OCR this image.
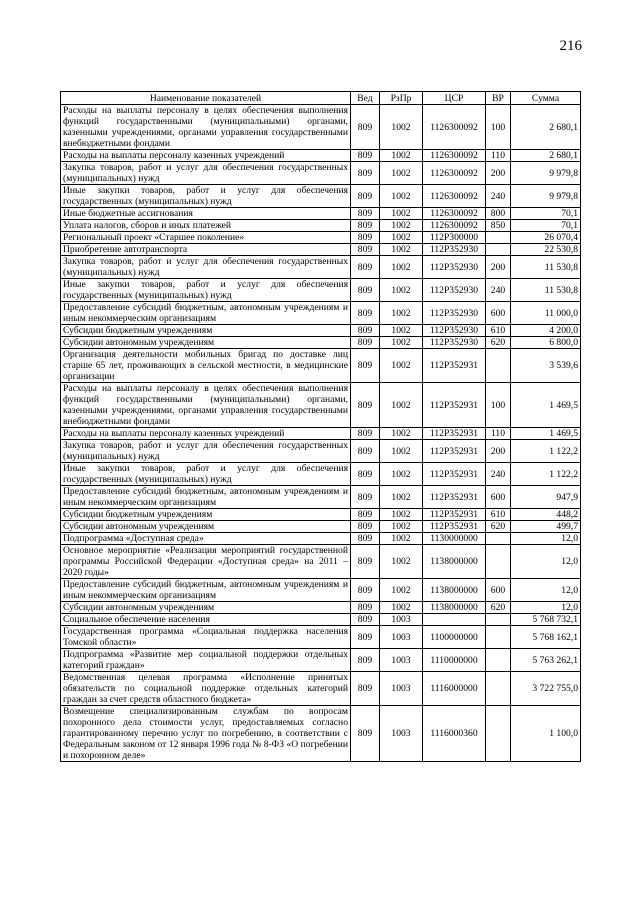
216
Наименование показателей	Вед	РзПр	ЦСР	ВР	Сумма
Расходы на выплаты персоналу в целях обеспечения выполнения функций государственными (муниципальными) органами, казенными учреждениями, органами управления государственными внебюджетными фондами	809	1002	1126300092	100	2 680,1
Расходы на выплаты персоналу казенных учреждений	809	1002	1126300092	110	2 680,1
Закупка товаров, работ и услуг для обеспечения государственных (муниципальных) нужд	809	1002	1126300092	200	9 979,8
Иные закупки товаров, работ и услуг для обеспечения государственных (муниципальных) нужд	809	1002	1126300092	240	9 979,8
Иные бюджетные ассигнования	809	1002	1126300092	800	70,1
Уплата налогов, сборов и иных платежей	809	1002	1126300092	850	70,1
Региональный проект «Старшее поколение»	809	1002	112P300000		26 070,4
Приобретение автотранспорта	809	1002	112P352930		22 530,8
Закупка товаров, работ и услуг для обеспечения государственных (муниципальных) нужд	809	1002	112P352930	200	11 530,8
Иные закупки товаров, работ и услуг для обеспечения государственных (муниципальных) нужд	809	1002	112P352930	240	11 530,8
Предоставление субсидий бюджетным, автономным учреждениям и иным некоммерческим организациям	809	1002	112P352930	600	11 000,0
Субсидии бюджетным учреждениям	809	1002	112P352930	610	4 200,0
Субсидии автономным учреждениям	809	1002	112P352930	620	6 800,0
Организация деятельности мобильных бригад по доставке лиц старше 65 лет, проживающих в сельской местности, в медицинские организации	809	1002	112P352931		3 539,6
Расходы на выплаты персоналу в целях обеспечения выполнения функций государственными (муниципальными) органами, казенными учреждениями, органами управления государственными внебюджетными фондами	809	1002	112P352931	100	1 469,5
Расходы на выплаты персоналу казенных учреждений	809	1002	112P352931	110	1 469,5
Закупка товаров, работ и услуг для обеспечения государственных (муниципальных) нужд	809	1002	112P352931	200	1 122,2
Иные закупки товаров, работ и услуг для обеспечения государственных (муниципальных) нужд	809	1002	112P352931	240	1 122,2
Предоставление субсидий бюджетным, автономным учреждениям и иным некоммерческим организациям	809	1002	112P352931	600	947,9
Субсидии бюджетным учреждениям	809	1002	112P352931	610	448,2
Субсидии автономным учреждениям	809	1002	112P352931	620	499,7
Подпрограмма «Доступная среда»	809	1002	1130000000		12,0
Основное мероприятие «Реализация мероприятий государственной программы Российской Федерации «Доступная среда» на 2011 – 2020 годы»	809	1002	1138000000		12,0
Предоставление субсидий бюджетным, автономным учреждениям и иным некоммерческим организациям	809	1002	1138000000	600	12,0
Субсидии автономным учреждениям	809	1002	1138000000	620	12,0
Социальное обеспечение населения	809	1003			5 768 732,1
Государственная программа «Социальная поддержка населения Томской области»	809	1003	1100000000		5 768 162,1
Подпрограмма «Развитие мер социальной поддержки отдельных категорий граждан»	809	1003	1110000000		5 763 262,1
Ведомственная целевая программа «Исполнение принятых обязательств по социальной поддержке отдельных категорий граждан за счет средств областного бюджета»	809	1003	1116000000		3 722 755,0
Возмещение специализированным службам по вопросам похоронного дела стоимости услуг, предоставляемых согласно гарантированному перечню услуг по погребению, в соответствии с Федеральным законом от 12 января 1996 года № 8-ФЗ «О погребении и похоронном деле»	809	1003	1116000360		1 100,0
